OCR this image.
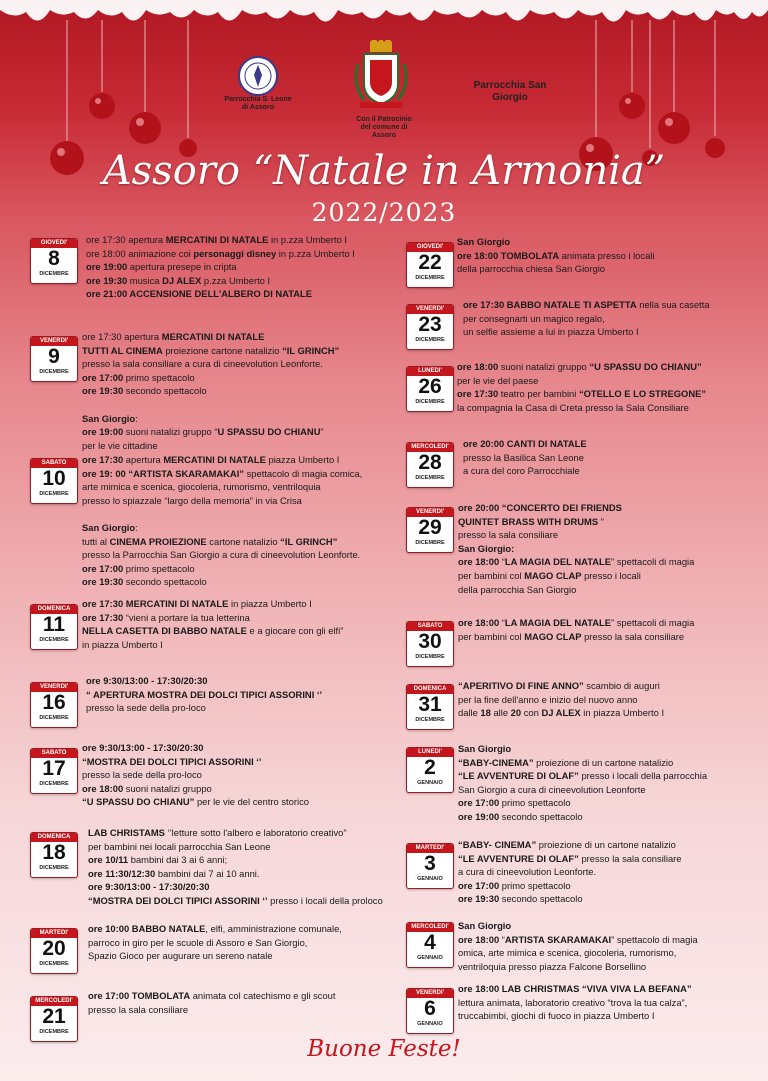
Parrocchia S. Leone di Assoro
Con il Patrocinio del comune di Assoro
Parrocchia San Giorgio
Assoro “Natale in Armonia”
2022/2023
GIOVEDI'
8
DICEMBRE
ore 17:30 apertura MERCATINI DI NATALE in p.zza Umberto I
ore 18:00 animazione coi personaggi disney in p.zza Umberto I
ore 19:00 apertura presepe in cripta
ore 19:30 musica DJ ALEX p.zza Umberto I
ore 21:00 ACCENSIONE DELL'ALBERO DI NATALE
VENERDI'
9
DICEMBRE
ore 17:30 apertura MERCATINI DI NATALE
TUTTI AL CINEMA proiezione cartone natalizio “IL GRINCH”
presso la sala consiliare a cura di cineevolution Leonforte.
ore 17:00 primo spettacolo
ore 19:30 secondo spettacolo
San Giorgio:
ore 19:00 suoni natalizi gruppo “U SPASSU DO CHIANU”
per le vie cittadine
SABATO
10
DICEMBRE
ore 17:30 apertura MERCATINI DI NATALE piazza Umberto I
ore 19: 00 “ARTISTA SKARAMAKAI” spettacolo di magia comica,
arte mimica e scenica, giocoleria, rumorismo, ventriloquia
presso lo spiazzale “largo della memoria” in via Crisa
San Giorgio:
tutti al CINEMA PROIEZIONE cartone natalizio “IL GRINCH”
presso la Parrocchia San Giorgio a cura di cineevolution Leonforte.
ore 17:00 primo spettacolo
ore 19:30 secondo spettacolo
DOMENICA
11
DICEMBRE
ore 17:30 MERCATINI DI NATALE in piazza Umberto I
ore 17:30 “vieni a portare la tua letterina
NELLA CASETTA DI BABBO NATALE e a giocare con gli elfi”
in piazza Umberto I
VENERDI'
16
DICEMBRE
ore 9:30/13:00 - 17:30/20:30
“ APERTURA MOSTRA DEI DOLCI TIPICI ASSORINI ‘’
presso la sede della pro-loco
SABATO
17
DICEMBRE
ore 9:30/13:00 - 17:30/20:30
“MOSTRA DEI DOLCI TIPICI ASSORINI ‘’
presso la sede della pro-loco
ore 18:00 suoni natalizi gruppo
“U SPASSU DO CHIANU” per le vie del centro storico
DOMENICA
18
DICEMBRE
LAB CHRISTAMS ‘’letture sotto l'albero e laboratorio creativo”
per bambini nei locali parrocchia San Leone
ore 10/11 bambini dai 3 ai 6 anni;
ore 11:30/12:30 bambini dai 7 ai 10 anni.
ore 9:30/13:00 - 17:30/20:30
“MOSTRA DEI DOLCI TIPICI ASSORINI ‘’ presso i locali della proloco
MARTEDI'
20
DICEMBRE
ore 10:00 BABBO NATALE, elfi, amministrazione comunale,
parroco in giro per le scuole di Assoro e San Giorgio,
Spazio Gioco per augurare un sereno natale
MERCOLEDI'
21
DICEMBRE
ore 17:00 TOMBOLATA animata col catechismo e gli scout
presso la sala consiliare
GIOVEDI'
22
DICEMBRE
San Giorgio
ore 18:00 TOMBOLATA animata presso i locali
della parrocchia chiesa San Giorgio
VENERDI'
23
DICEMBRE
ore 17:30 BABBO NATALE TI ASPETTA nella sua casetta
per consegnarti un magico regalo,
un selfie assieme a lui in piazza Umberto I
LUNEDI'
26
DICEMBRE
ore 18:00 suoni natalizi gruppo “U SPASSU DO CHIANU”
per le vie del paese
ore 17:30 teatro per bambini “OTELLO E LO STREGONE”
la compagnia la Casa di Creta presso la Sala Consiliare
MERCOLEDI'
28
DICEMBRE
ore 20:00 CANTI DI NATALE
presso la Basilica San Leone
a cura del coro Parrocchiale
VENERDI'
29
DICEMBRE
ore 20:00 “CONCERTO DEI FRIENDS
QUINTET BRASS WITH DRUMS ”
presso la sala consiliare
San Giorgio:
ore 18:00 “LA MAGIA DEL NATALE” spettacoli di magia
per bambini col MAGO CLAP presso i locali
della parrocchia San Giorgio
SABATO
30
DICEMBRE
ore 18:00 “LA MAGIA DEL NATALE” spettacoli di magia
per bambini col MAGO CLAP presso la sala consiliare
DOMENICA
31
DICEMBRE
“APERITIVO DI FINE ANNO” scambio di auguri
per la fine dell'anno e inizio del nuovo anno
dalle 18 alle 20 con DJ ALEX in piazza Umberto I
LUNEDI'
2
GENNAIO
San Giorgio
“BABY-CINEMA” proiezione di un cartone natalizio
“LE AVVENTURE DI OLAF” presso i locali della parrocchia
San Giorgio a cura di cineevolution Leonforte
ore 17:00 primo spettacolo
ore 19:00 secondo spettacolo
MARTEDI'
3
GENNAIO
“BABY- CINEMA” proiezione di un cartone natalizio
“LE AVVENTURE DI OLAF” presso la sala consiliare
a cura di cineevolution Leonforte.
ore 17:00 primo spettacolo
ore 19:30 secondo spettacolo
MERCOLEDI'
4
GENNAIO
San Giorgio
ore 18:00 “ARTISTA SKARAMAKAI” spettacolo di magia
omica, arte mimica e scenica, giocoleria, rumorismo,
ventriloquia presso piazza Falcone Borsellino
VENERDI'
6
GENNAIO
ore 18:00 LAB CHRISTMAS “VIVA VIVA LA BEFANA”
lettura animata, laboratorio creativo “trova la tua calza”,
truccabimbi, giochi di fuoco in piazza Umberto I
Buone Feste!
